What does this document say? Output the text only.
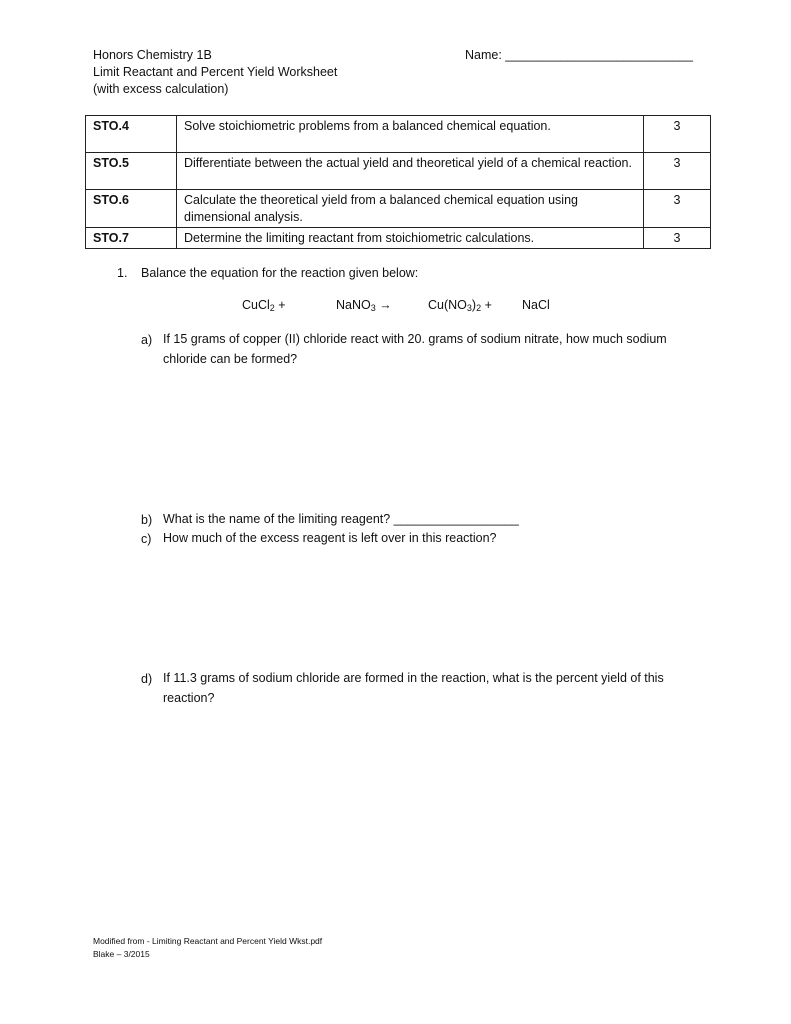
Honors Chemistry 1B
Limit Reactant and Percent Yield Worksheet
(with excess calculation)
Name: ___________________________
STO.4	Solve stoichiometric problems from a balanced chemical equation.	3
STO.5	Differentiate between the actual yield and theoretical yield of a chemical reaction.	3
STO.6	Calculate the theoretical yield from a balanced chemical equation using dimensional analysis.	3
STO.7	Determine the limiting reactant from stoichiometric calculations.	3
1. Balance the equation for the reaction given below:
CuCl$_2$ +	NaNO$_3$ →	$Cu(NO_3)_2$ + NaCl
a) If 15 grams of copper (II) chloride react with 20. grams of sodium nitrate, how much sodium chloride can be formed?
b) What is the name of the limiting reagent? __________________
c) How much of the excess reagent is left over in this reaction?
d) If 11.3 grams of sodium chloride are formed in the reaction, what is the percent yield of this reaction?
Modified from - Limiting Reactant and Percent Yield Wkst.pdf
Blake – 3/2015
